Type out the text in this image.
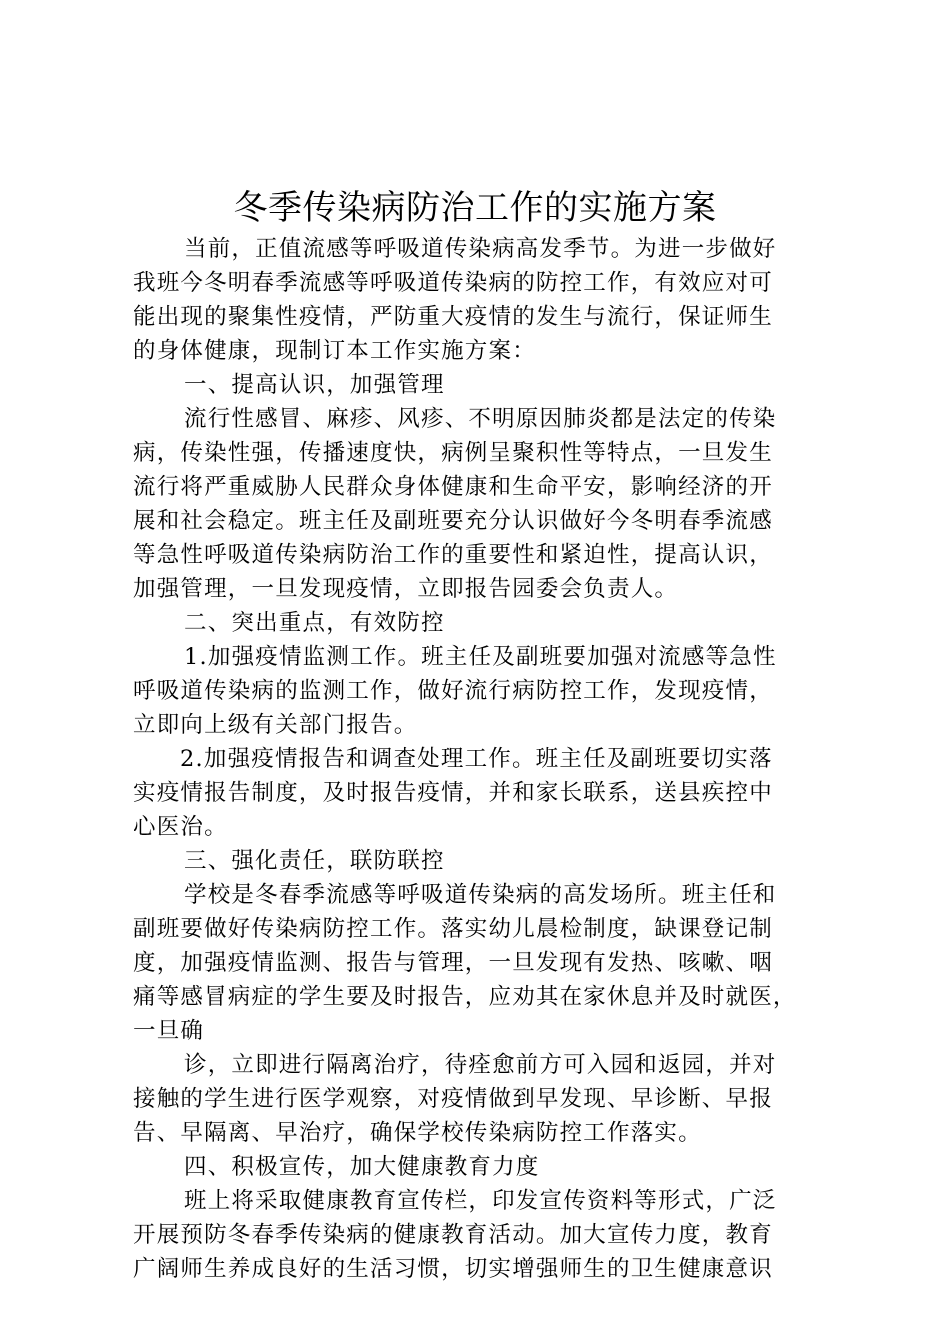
冬季传染病防治工作的实施方案
当前，正值流感等呼吸道传染病高发季节。为进一步做好
我班今冬明春季流感等呼吸道传染病的防控工作，有效应对可
能出现的聚集性疫情，严防重大疫情的发生与流行，保证师生
的身体健康，现制订本工作实施方案：
一、提高认识，加强管理
流行性感冒、麻疹、风疹、不明原因肺炎都是法定的传染
病，传染性强，传播速度快，病例呈聚积性等特点，一旦发生
流行将严重威胁人民群众身体健康和生命平安，影响经济的开
展和社会稳定。班主任及副班要充分认识做好今冬明春季流感
等急性呼吸道传染病防治工作的重要性和紧迫性，提高认识，
加强管理，一旦发现疫情，立即报告园委会负责人。
二、突出重点，有效防控
1.加强疫情监测工作。班主任及副班要加强对流感等急性
呼吸道传染病的监测工作，做好流行病防控工作，发现疫情，
立即向上级有关部门报告。
2.加强疫情报告和调查处理工作。班主任及副班要切实落
实疫情报告制度，及时报告疫情，并和家长联系，送县疾控中
心医治。
三、强化责任，联防联控
学校是冬春季流感等呼吸道传染病的高发场所。班主任和
副班要做好传染病防控工作。落实幼儿晨检制度，缺课登记制
度，加强疫情监测、报告与管理，一旦发现有发热、咳嗽、咽
痛等感冒病症的学生要及时报告，应劝其在家休息并及时就医，
一旦确
诊，立即进行隔离治疗，待痊愈前方可入园和返园，并对
接触的学生进行医学观察，对疫情做到早发现、早诊断、早报
告、早隔离、早治疗，确保学校传染病防控工作落实。
四、积极宣传，加大健康教育力度
班上将采取健康教育宣传栏，印发宣传资料等形式，广泛
开展预防冬春季传染病的健康教育活动。加大宣传力度，教育
广阔师生养成良好的生活习惯，切实增强师生的卫生健康意识
